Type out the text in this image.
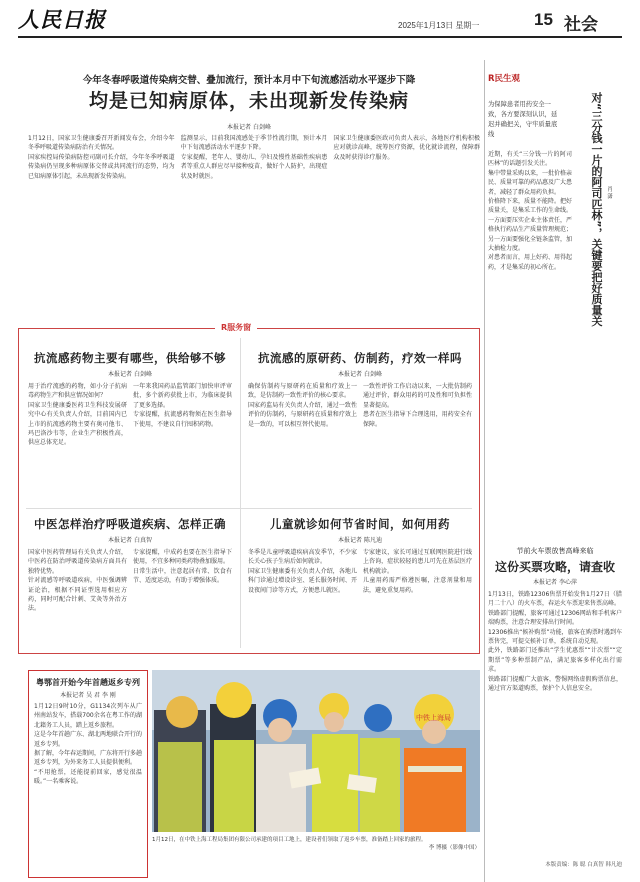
人民日报	2025年1月13日 星期一	15 社会
今年冬春呼吸道传染病交替、叠加流行，预计本月中下旬流感活动水平逐步下降
均是已知病原体，未出现新发传染病
本报记者 白剑峰

1月12日，国家卫生健康委召开新闻发布会，介绍今年冬季呼吸道传染病防治有关情况。

国家疾控局传染病防控司副司长介绍，今年冬季呼吸道传染病仍呈现多种病原体交替或共同流行的态势，均为已知病原体引起，未出现新发传染病。

监测显示，目前我国流感处于季节性流行期，预计本月中下旬流感活动水平逐步下降。

专家提醒，老年人、婴幼儿、孕妇及慢性基础性疾病患者等重点人群应尽早接种疫苗，做好个人防护，出现症状及时就医。

国家卫生健康委医政司负责人表示，各地医疗机构积极应对就诊高峰，统筹医疗资源，优化就诊流程，保障群众及时获得诊疗服务。

R民生观
为保障患者用药安全一致，各方要深刻认识，延迟并确把关，守牢质量底线	对“三分钱一片的阿司匹林”，关键要把好质量关 肖 潇

近期，有关“三分钱一片的阿司匹林”的话题引发关注。

集中带量采购以来，一批价格亲民、质量可靠的药品惠及广大患者，减轻了群众用药负担。

价格降下来，质量不能降。把好质量关，是集采工作的生命线。

一方面要压实企业主体责任，严格执行药品生产质量管理规范；另一方面要强化全链条监管，加大抽检力度。

对患者而言，用上好药、用得起药，才是集采的初心所在。

节前火车票放售高峰来临
这份买票攻略，请查收
本报记者 李心萍

1月13日，铁路12306售票开始发售1月27日（腊月二十八）的火车票，春运火车票迎来售票高峰。

铁路部门提醒，旅客可通过12306网站和手机客户端购票，注意合理安排出行时间。

12306推出“候补购票”功能，旅客在购票时遇到车票售完，可提交候补订单，系统自动兑现。

此外，铁路部门还推出“学生优惠票”“计次票”“定期票”等多种票制产品，满足旅客多样化出行需求。

铁路部门提醒广大旅客，警惕网络虚假购票信息，通过官方渠道购票，保护个人信息安全。

本版责编：陈 聪 白真智 韩凡迪
R服务窗
抗流感药物主要有哪些，供给够不够
本报记者 白剑峰

用于治疗流感的药物，如小分子抗病毒药物生产和供应情况如何？

国家卫生健康委医药卫生科技发展研究中心有关负责人介绍，目前国内已上市的抗流感药物主要有奥司他韦、玛巴洛沙韦等，企业生产积极性高，供应总体充足。

一年来我国药品监管部门加快审评审批，多个新药获批上市，为临床提供了更多选择。

专家提醒，抗流感药物须在医生指导下使用，不建议自行囤积药物。

抗流感的原研药、仿制药，疗效一样吗
本报记者 白剑峰

确保仿制药与原研药在质量和疗效上一致，是仿制药一致性评价的核心要求。

国家药监局有关负责人介绍，通过一致性评价的仿制药，与原研药在质量和疗效上是一致的，可以相互替代使用。

一致性评价工作启动以来，一大批仿制药通过评价，群众用药的可及性和可负担性显著提高。

患者在医生指导下合理选用，用药安全有保障。

中医怎样治疗呼吸道疾病、怎样正确
本报记者 白真智

国家中医药管理局有关负责人介绍，中医药在防治呼吸道传染病方面具有独特优势。

针对流感等呼吸道疾病，中医强调辨证论治，根据不同证型选用相应方药，同时可配合针刺、艾灸等外治方法。

专家提醒，中成药也要在医生指导下使用，不宜多种同类药物叠加服用。

日常生活中，注意起居有常、饮食有节、适度运动，有助于增强体质。

儿童就诊如何节省时间，如何用药
本报记者 陈凡迪

冬季是儿童呼吸道疾病高发季节，不少家长关心孩子生病后如何就诊。

国家卫生健康委有关负责人介绍，各地儿科门诊通过增设诊室、延长服务时间、开设夜间门诊等方式，方便患儿就医。

专家建议，家长可通过互联网医院进行线上咨询，症状较轻的患儿可先在基层医疗机构就诊。

儿童用药需严格遵医嘱，注意剂量和用法，避免重复用药。

粤鄂首开始今年首趟返乡专列
本报记者 吴 君 李 刚

1月12日9时10分，G1134次列车从广州南站发车，搭载700余名在粤工作的湖北籍务工人员，踏上返乡旅程。

这是今年首趟广东、湖北两地联合开行的返乡专列。

据了解，今年春运期间，广东将开行多趟返乡专列，为外来务工人员提供便利。

“不用抢票，还能提前回家，感觉很温暖。”一名乘客说。

中铁上海局

1月12日，在中铁上海工程局集团有限公司承建的项目工地上，建设者们领取了返乡车票，准备踏上回家的旅程。

李 博摄（影像中国）
